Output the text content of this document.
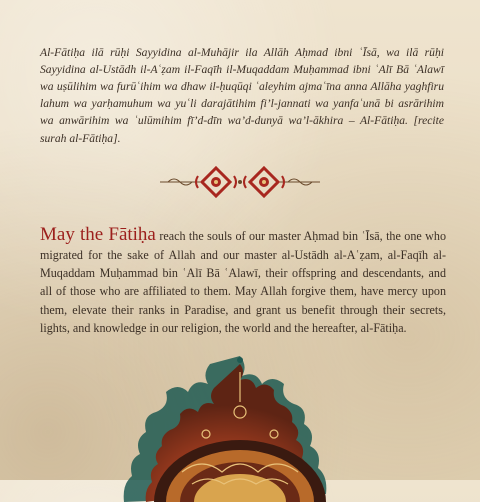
Al-Fātiḥa ilā rūḥi Sayyidina al-Muhājir ila Allāh Aḥmad ibni ʿĪsā, wa ilā rūḥi Sayyidina al-Ustādh il-Aʿẓam il-Faqīh il-Muqaddam Muḥammad ibni ʿAlī Bā ʿAlawī wa uṣūlihim wa furūʿihim wa dhaw il-ḥuqūqi ʿaleyhim ajmaʿīna anna Allāha yaghfiru lahum wa yarḥamuhum wa yuʿli darajātihim fi’l-jannati wa yanfaʿunā bi asrārihim wa anwārihim wa ʿulūmihim fī’d-dīn wa’d-dunyā wa’l-ākhira – Al-Fātiḥa. [recite surah al-Fātiḥa].

May the Fātiḥa reach the souls of our master Aḥmad bin ʿĪsā, the one who migrated for the sake of Allah and our master al-Ustādh al-Aʿẓam, al-Faqīh al-Muqaddam Muḥammad bin ʿAlī Bā ʿAlawī, their offspring and descendants, and all of those who are affiliated to them. May Allah forgive them, have mercy upon them, elevate their ranks in Paradise, and grant us benefit through their secrets, lights, and knowledge in our religion, the world and the hereafter, al-Fātiḥa.
